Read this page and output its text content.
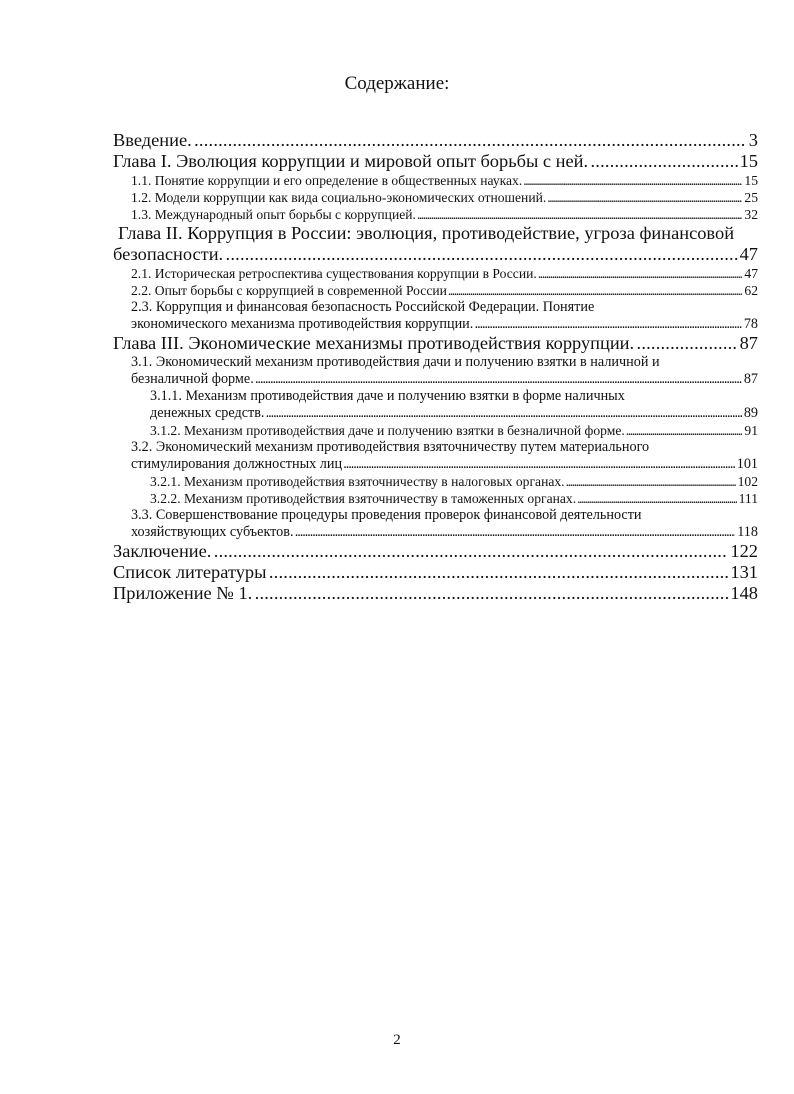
Содержание:
Введение. . . .	3
Глава I. Эволюция коррупции и мировой опыт борьбы с ней. . . .	15
1.1. Понятие коррупции и его определение в общественных науках. . . .	15
1.2. Модели коррупции как вида социально-экономических отношений. . . .	25
1.3. Международный опыт борьбы с коррупцией. . . .	32
Глава II. Коррупция в России: эволюция, противодействие, угроза финансовой
безопасности. . . .	47
2.1. Историческая ретроспектива существования коррупции в России. . . .	47
2.2. Опыт борьбы с коррупцией в современной России . . .	62
2.3. Коррупция и финансовая безопасность Российской Федерации. Понятие
экономического механизма противодействия коррупции. . . .	78
Глава III. Экономические механизмы противодействия коррупции. . . .	87
3.1. Экономический механизм противодействия дачи и получению взятки в наличной и
безналичной форме. . . .	87
3.1.1. Механизм противодействия даче и получению взятки в форме наличных
денежных средств. . . .	89
3.1.2. Механизм противодействия даче и получению взятки в безналичной форме. . . .	91
3.2. Экономический механизм противодействия взяточничеству путем материального
стимулирования должностных лиц . . .	101
3.2.1. Механизм противодействия взяточничеству в налоговых органах. . . .	102
3.2.2. Механизм противодействия взяточничеству в таможенных органах. . . .	111
3.3. Совершенствование процедуры проведения проверок финансовой деятельности
хозяйствующих субъектов. . . .	118
Заключение. . . .	122
Список литературы . . .	131
Приложение № 1. . . .	148
2
